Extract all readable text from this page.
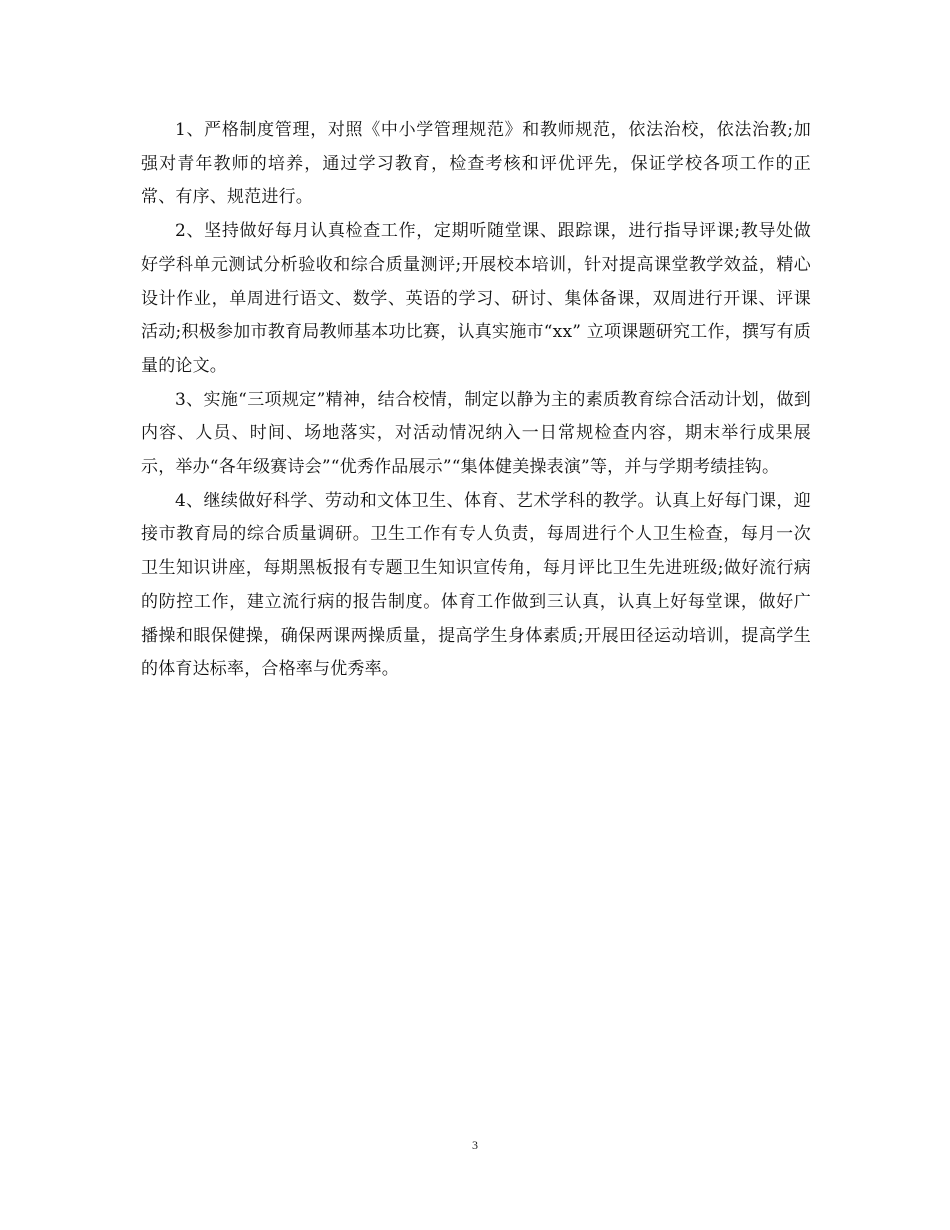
1、严格制度管理，对照《中小学管理规范》和教师规范，依法治校，依法治教;加强对青年教师的培养，通过学习教育，检查考核和评优评先，保证学校各项工作的正常、有序、规范进行。

2、坚持做好每月认真检查工作，定期听随堂课、跟踪课，进行指导评课;教导处做好学科单元测试分析验收和综合质量测评;开展校本培训，针对提高课堂教学效益，精心设计作业，单周进行语文、数学、英语的学习、研讨、集体备课，双周进行开课、评课活动;积极参加市教育局教师基本功比赛，认真实施市“xx” 立项课题研究工作，撰写有质量的论文。

3、实施“三项规定”精神，结合校情，制定以静为主的素质教育综合活动计划，做到内容、人员、时间、场地落实，对活动情况纳入一日常规检查内容，期末举行成果展示，举办“各年级赛诗会”“优秀作品展示”“集体健美操表演”等，并与学期考绩挂钩。

4、继续做好科学、劳动和文体卫生、体育、艺术学科的教学。认真上好每门课，迎接市教育局的综合质量调研。卫生工作有专人负责，每周进行个人卫生检查，每月一次卫生知识讲座，每期黑板报有专题卫生知识宣传角，每月评比卫生先进班级;做好流行病的防控工作，建立流行病的报告制度。体育工作做到三认真，认真上好每堂课，做好广播操和眼保健操，确保两课两操质量，提高学生身体素质;开展田径运动培训，提高学生的体育达标率，合格率与优秀率。

3
